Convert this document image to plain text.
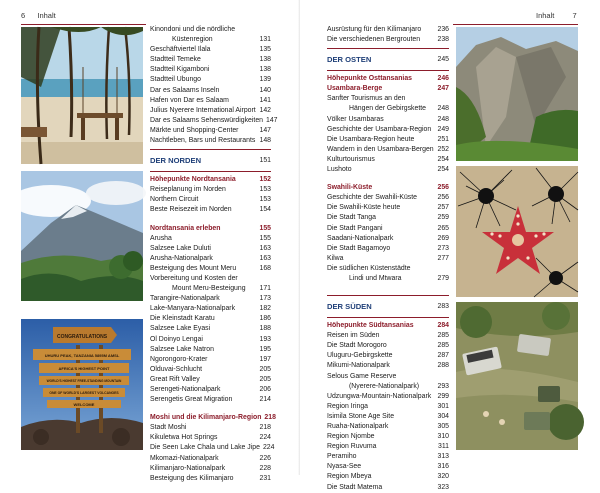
6 Inhalt
CONGRATULATIONS
UHURU PEAK, TANZANIA 5895M AMSL
AFRICA'S HIGHEST POINT
WORLD'S HIGHEST FREE-STANDING MOUNTAIN
ONE OF WORLD'S LARGEST VOLCANOES
WELCOME
Kinondoni und die nördliche
Küstenregion	131
Geschäftviertel Ilala	135
Stadtteil Temeke	138
Stadtteil Kigamboni	138
Stadtteil Ubungo	139
Dar es Salaams Inseln	140
Hafen von Dar es Salaam	141
Julius Nyerere International Airport 142
Dar es Salaams Sehenswürdigkeiten 147
Märkte und Shopping-Center	147
Nachtleben, Bars und Restaurants 148
DER NORDEN	151
Höhepunkte Nordtansania	152
Reiseplanung im Norden	153
Northern Circuit	153
Beste Reisezeit im Norden	154
Nordtansania erleben	155
Arusha	155
Salzsee Lake Duluti	163
Arusha-Nationalpark	163
Besteigung des Mount Meru	168
Vorbereitung und Kosten der
Mount Meru-Besteigung	171
Tarangire-Nationalpark	173
Lake-Manyara-Nationalpark	182
Die Kleinstadt Karatu	186
Salzsee Lake Eyasi	188
Ol Doinyo Lengai	193
Salzsee Lake Natron	195
Ngorongoro-Krater	197
Olduvai-Schlucht	205
Great Rift Valley	205
Serengeti-Nationalpark	206
Serengetis Great Migration	214
Moshi und die Kilimanjaro-Region 218
Stadt Moshi	218
Kikuletwa Hot Springs	224
Die Seen Lake Chala und Lake Jipe 224
Mkomazi-Nationalpark	226
Kilimanjaro-Nationalpark	228
Besteigung des Kilimanjaro	231
Inhalt 7
Ausrüstung für den Kilimanjaro	236
Die verschiedenen Bergrouten	238
DER OSTEN	245
Höhepunkte Osttansanias	246
Usambara-Berge	247
Sanfter Tourismus an den
Hängen der Gebirgskette	248
Völker Usambaras	248
Geschichte der Usambara-Region 249
Die Usambara-Region heute	251
Wandern in den Usambara-Bergen 252
Kulturtourismus	254
Lushoto	254
Swahili-Küste	256
Geschichte der Swahili-Küste	256
Die Swahili-Küste heute	257
Die Stadt Tanga	259
Die Stadt Pangani	265
Saadani-Nationalpark	269
Die Stadt Bagamoyo	273
Kilwa	277
Die südlichen Küstenstädte
Lindi und Mtwara	279
DER SÜDEN	283
Höhepunkte Südtansanias	284
Reisen im Süden	285
Die Stadt Morogoro	285
Uluguru-Gebirgskette	287
Mikumi-Nationalpark	288
Selous Game Reserve
(Nyerere-Nationalpark)	293
Udzungwa-Mountain-Nationalpark 299
Region Iringa	301
Isimila Stone Age Site	304
Ruaha-Nationalpark	305
Region Njombe	310
Region Ruvuma	311
Peramiho	313
Nyasa-See	316
Region Mbeya	320
Die Stadt Matema	323
